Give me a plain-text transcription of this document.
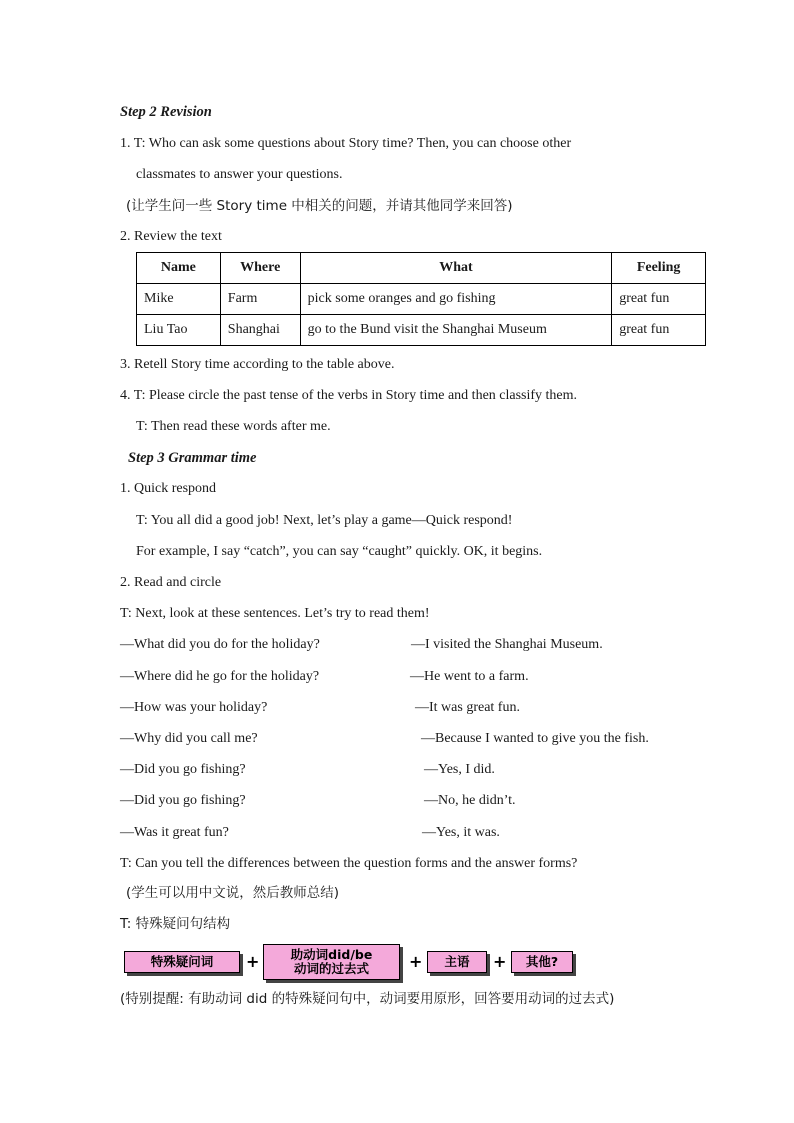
Step 2 Revision
1. T: Who can ask some questions about Story time? Then, you can choose other
classmates to answer your questions.
(让学生问一些 Story time 中相关的问题，并请其他同学来回答)
2. Review the text
Name	Where	What	Feeling
Mike	Farm	pick some oranges and go fishing	great fun
Liu Tao	Shanghai	go to the Bund visit the Shanghai Museum	great fun
3. Retell Story time according to the table above.
4. T: Please circle the past tense of the verbs in Story time and then classify them.
T: Then read these words after me.
Step 3 Grammar time
1. Quick respond
T: You all did a good job! Next, let’s play a game—Quick respond!
For example, I say “catch”, you can say “caught” quickly. OK, it begins.
2. Read and circle
T: Next, look at these sentences. Let’s try to read them!
—What did you do for the holiday?	—I visited the Shanghai Museum.
—Where did he go for the holiday?	—He went to a farm.
—How was your holiday?	—It was great fun.
—Why did you call me?	—Because I wanted to give you the fish.
—Did you go fishing?	—Yes, I did.
—Did you go fishing?	—No, he didn’t.
—Was it great fun?	—Yes, it was.
T: Can you tell the differences between the question forms and the answer forms?
(学生可以用中文说，然后教师总结)
T: 特殊疑问句结构
特殊疑问词	+	助动词did/be
动词的过去式	+	主语	+	其他?
(特别提醒: 有助动词 did 的特殊疑问句中，动词要用原形，回答要用动词的过去式)
